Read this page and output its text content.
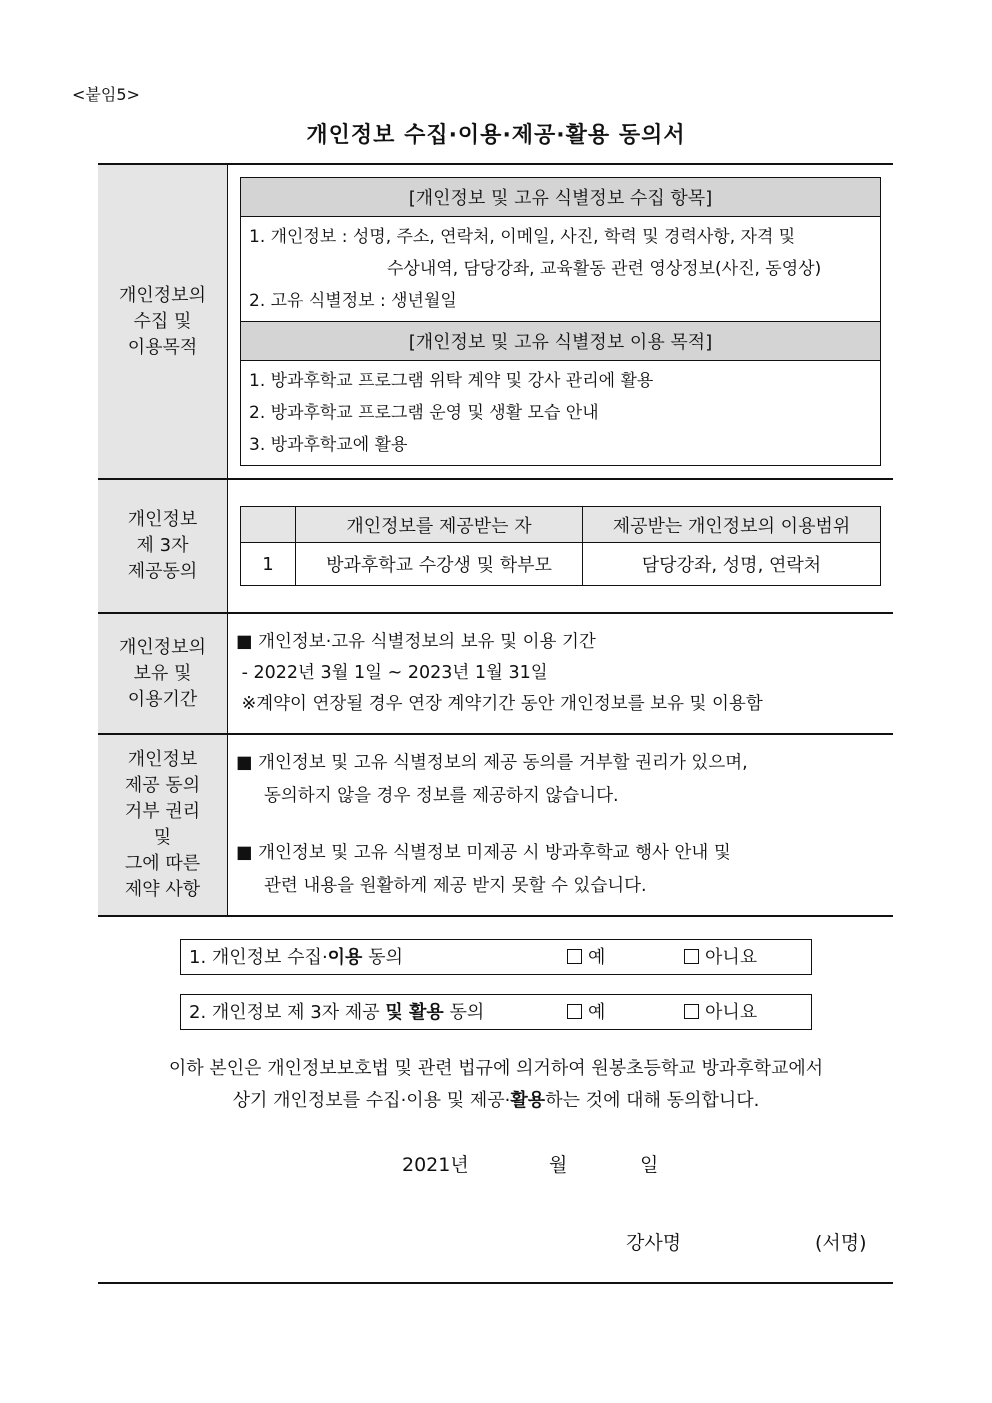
<붙임5>
개인정보 수집·이용·제공·활용 동의서
개인정보의
수집 및
이용목적

[개인정보 및 고유 식별정보 수집 항목]

1. 개인정보 : 성명, 주소, 연락처, 이메일, 사진, 학력 및 경력사항, 자격 및
수상내역, 담당강좌, 교육활동 관련 영상정보(사진, 동영상)
2. 고유 식별정보 : 생년월일

[개인정보 및 고유 식별정보 이용 목적]

1. 방과후학교 프로그램 위탁 계약 및 강사 관리에 활용
2. 방과후학교 프로그램 운영 및 생활 모습 안내
3. 방과후학교에 활용

개인정보
제 3자
제공동의

	개인정보를 제공받는 자	제공받는 개인정보의 이용범위
1	방과후학교 수강생 및 학부모	담당강좌, 성명, 연락처

개인정보의
보유 및
이용기간

■ 개인정보·고유 식별정보의 보유 및 이용 기간
- 2022년 3월 1일 ~ 2023년 1월 31일
※계약이 연장될 경우 연장 계약기간 동안 개인정보를 보유 및 이용함

개인정보
제공 동의
거부 권리
및
그에 따른
제약 사항

■ 개인정보 및 고유 식별정보의 제공 동의를 거부할 권리가 있으며,
동의하지 않을 경우 정보를 제공하지 않습니다.
■ 개인정보 및 고유 식별정보 미제공 시 방과후학교 행사 안내 및
관련 내용을 원활하게 제공 받지 못할 수 있습니다.
1. 개인정보 수집·이용 동의	예	아니요
2. 개인정보 제 3자 제공 및 활용 동의	예	아니요
이하 본인은 개인정보보호법 및 관련 법규에 의거하여 원봉초등학교 방과후학교에서
상기 개인정보를 수집·이용 및 제공·활용하는 것에 대해 동의합니다.
2021년	월	일
강사명	(서명)
